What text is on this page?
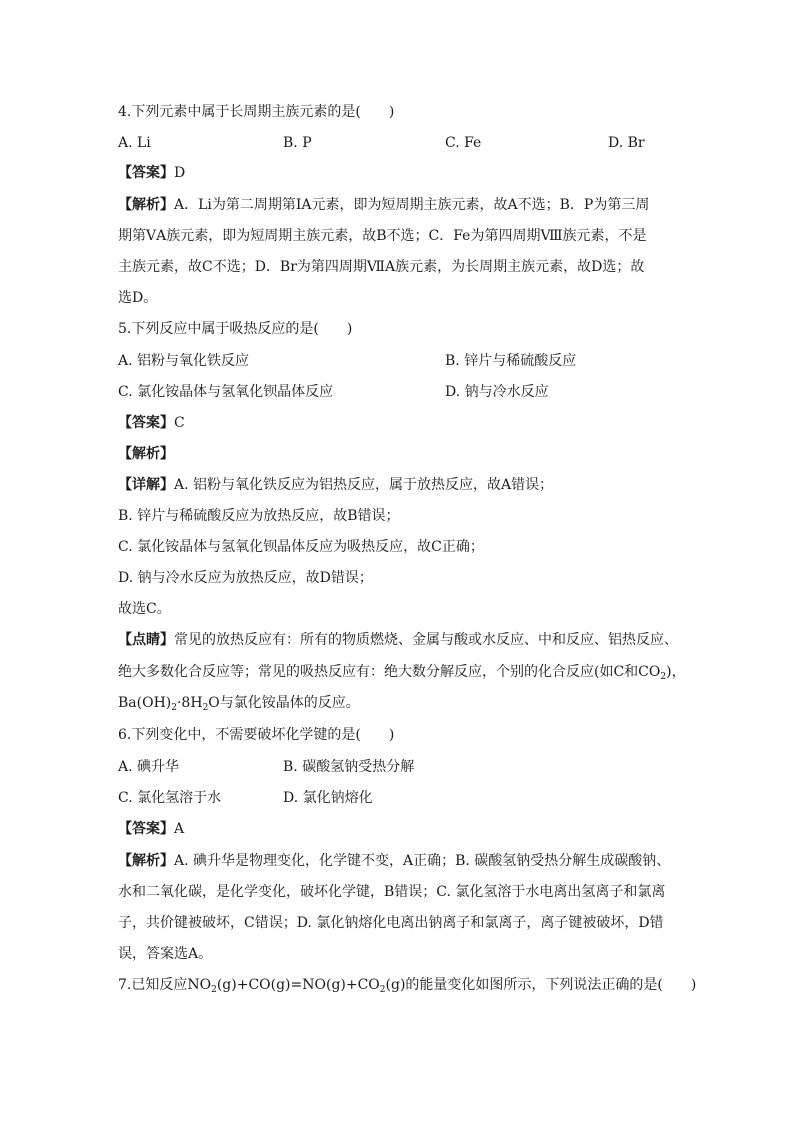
4.下列元素中属于长周期主族元素的是(　　)
A. Li	B. P	C. Fe	D. Br
【答案】D
【解析】A．Li为第二周期第ⅠA元素，即为短周期主族元素，故A不选；B．P为第三周
期第ⅤA族元素，即为短周期主族元素，故B不选；C．Fe为第四周期Ⅷ族元素，不是
主族元素，故C不选；D．Br为第四周期ⅦA族元素，为长周期主族元素，故D选；故
选D。
5.下列反应中属于吸热反应的是(　　)
A. 铝粉与氧化铁反应	B. 锌片与稀硫酸反应
C. 氯化铵晶体与氢氧化钡晶体反应	D. 钠与冷水反应
【答案】C
【解析】
【详解】A. 铝粉与氧化铁反应为铝热反应，属于放热反应，故A错误；
B. 锌片与稀硫酸反应为放热反应，故B错误；
C. 氯化铵晶体与氢氧化钡晶体反应为吸热反应，故C正确；
D. 钠与冷水反应为放热反应，故D错误；
故选C。
【点睛】常见的放热反应有：所有的物质燃烧、金属与酸或水反应、中和反应、铝热反应、
绝大多数化合反应等；常见的吸热反应有：绝大数分解反应，个别的化合反应(如C和$CO_2$)，
$Ba(OH)_2\cdot 8H_2O$与氯化铵晶体的反应。
6.下列变化中，不需要破坏化学键的是(　　)
A. 碘升华	B. 碳酸氢钠受热分解
C. 氯化氢溶于水	D. 氯化钠熔化
【答案】A
【解析】A. 碘升华是物理变化，化学键不变，A正确；B. 碳酸氢钠受热分解生成碳酸钠、
水和二氧化碳，是化学变化，破坏化学键，B错误；C. 氯化氢溶于水电离出氢离子和氯离
子，共价键被破坏，C错误；D. 氯化钠熔化电离出钠离子和氯离子，离子键被破坏，D错
误，答案选A。
7.已知反应$NO_2(g)+CO(g)=NO(g)+CO_2(g)$的能量变化如图所示，下列说法正确的是(　　)
